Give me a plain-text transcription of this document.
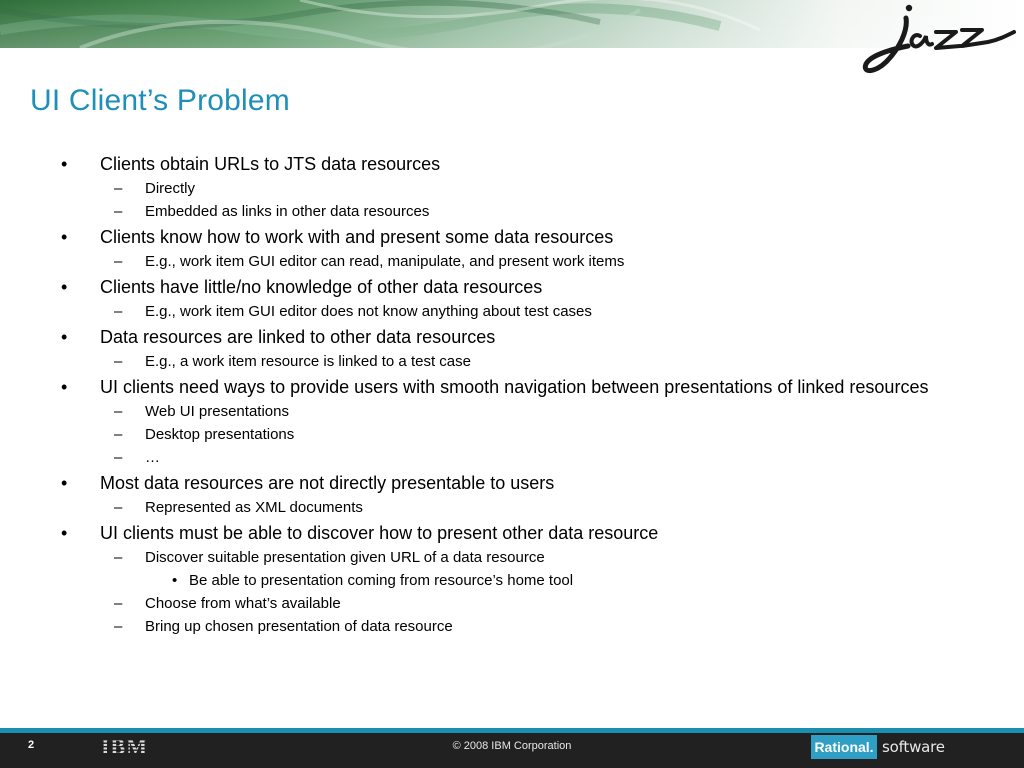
UI Client’s Problem
• Clients obtain URLs to JTS data resources
– Directly
– Embedded as links in other data resources
• Clients know how to work with and present some data resources
– E.g., work item GUI editor can read, manipulate, and present work items
• Clients have little/no knowledge of other data resources
– E.g., work item GUI editor does not know anything about test cases
• Data resources are linked to other data resources
– E.g., a work item resource is linked to a test case
• UI clients need ways to provide users with smooth navigation between presentations of linked resources
– Web UI presentations
– Desktop presentations
– …
• Most data resources are not directly presentable to users
– Represented as XML documents
• UI clients must be able to discover how to present other data resource
– Discover suitable presentation given URL of a data resource
• Be able to presentation coming from resource’s home tool
– Choose from what’s available
– Bring up chosen presentation of data resource
2	© 2008 IBM Corporation	Rational. software
